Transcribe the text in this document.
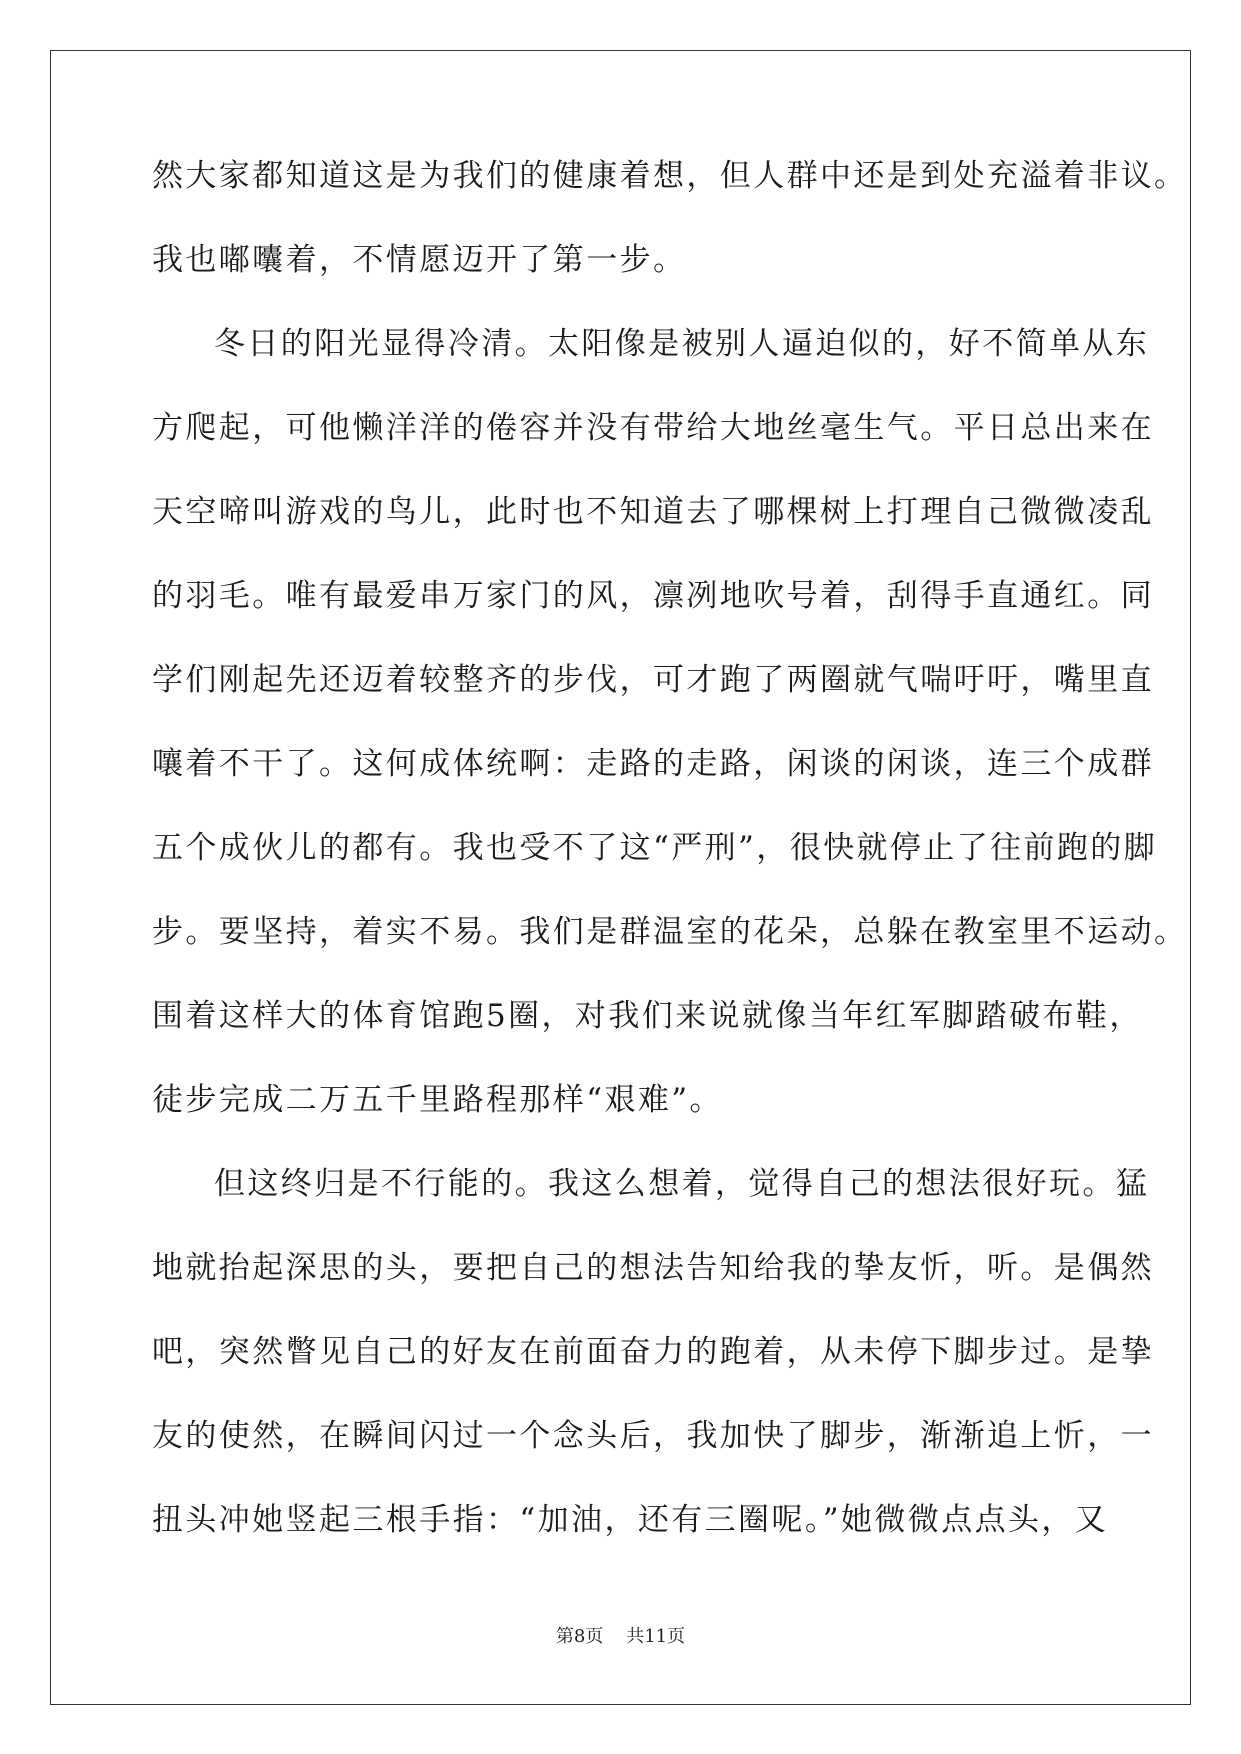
然大家都知道这是为我们的健康着想，但人群中还是到处充溢着非议。
我也嘟囔着，不情愿迈开了第一步。
冬日的阳光显得冷清。太阳像是被别人逼迫似的，好不简单从东
方爬起，可他懒洋洋的倦容并没有带给大地丝毫生气。平日总出来在
天空啼叫游戏的鸟儿，此时也不知道去了哪棵树上打理自己微微凌乱
的羽毛。唯有最爱串万家门的风，凛冽地吹号着，刮得手直通红。同
学们刚起先还迈着较整齐的步伐，可才跑了两圈就气喘吁吁，嘴里直
嚷着不干了。这何成体统啊：走路的走路，闲谈的闲谈，连三个成群
五个成伙儿的都有。我也受不了这“严刑”，很快就停止了往前跑的脚
步。要坚持，着实不易。我们是群温室的花朵，总躲在教室里不运动。
围着这样大的体育馆跑5圈，对我们来说就像当年红军脚踏破布鞋，
徒步完成二万五千里路程那样“艰难”。
但这终归是不行能的。我这么想着，觉得自己的想法很好玩。猛
地就抬起深思的头，要把自己的想法告知给我的挚友忻，听。是偶然
吧，突然瞥见自己的好友在前面奋力的跑着，从未停下脚步过。是挚
友的使然，在瞬间闪过一个念头后，我加快了脚步，渐渐追上忻，一
扭头冲她竖起三根手指：“加油，还有三圈呢。”她微微点点头，又
第8页 共11页
